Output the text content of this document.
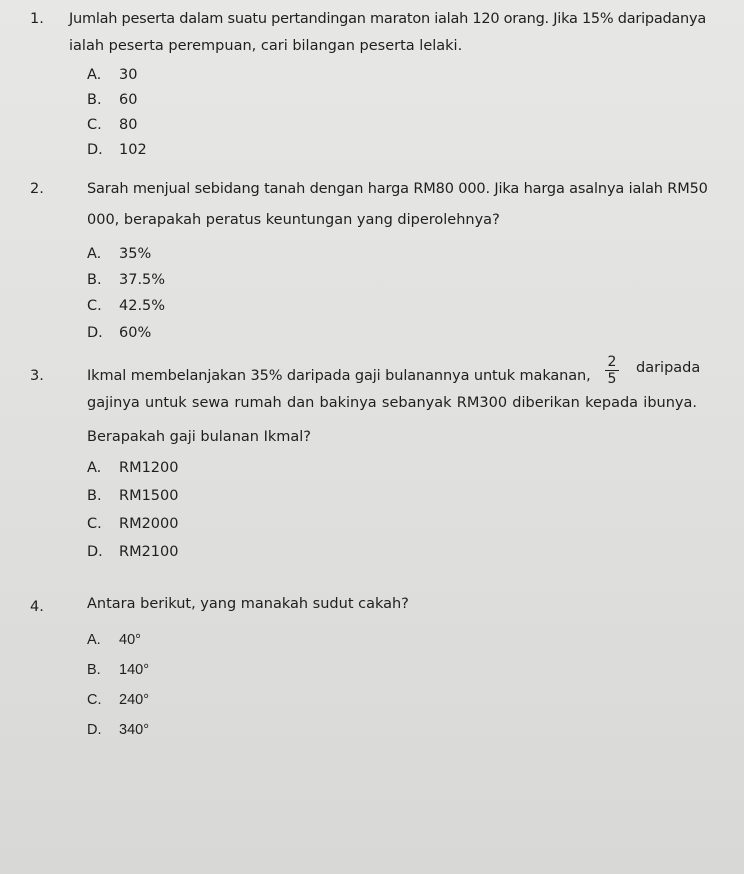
1. Jumlah peserta dalam suatu pertandingan maraton ialah 120 orang. Jika 15% daripadanya
ialah peserta perempuan, cari bilangan peserta lelaki.
A. 30
B. 60
C. 80
D. 102
2.	Sarah menjual sebidang tanah dengan harga RM80 000. Jika harga asalnya ialah RM50
000, berapakah peratus keuntungan yang diperolehnya?
A. 35%
B. 37.5%
C. 42.5%
D. 60%
3.	Ikmal membelanjakan 35% daripada gaji bulanannya untuk makanan, $\frac{2}{5}$ daripada
gajinya untuk sewa rumah dan bakinya sebanyak RM300 diberikan kepada ibunya.
Berapakah gaji bulanan Ikmal?
A. RM1200
B. RM1500
C. RM2000
D. RM2100
4.	Antara berikut, yang manakah sudut cakah?
A. 40°
B. 140°
C. 240°
D. 340°
